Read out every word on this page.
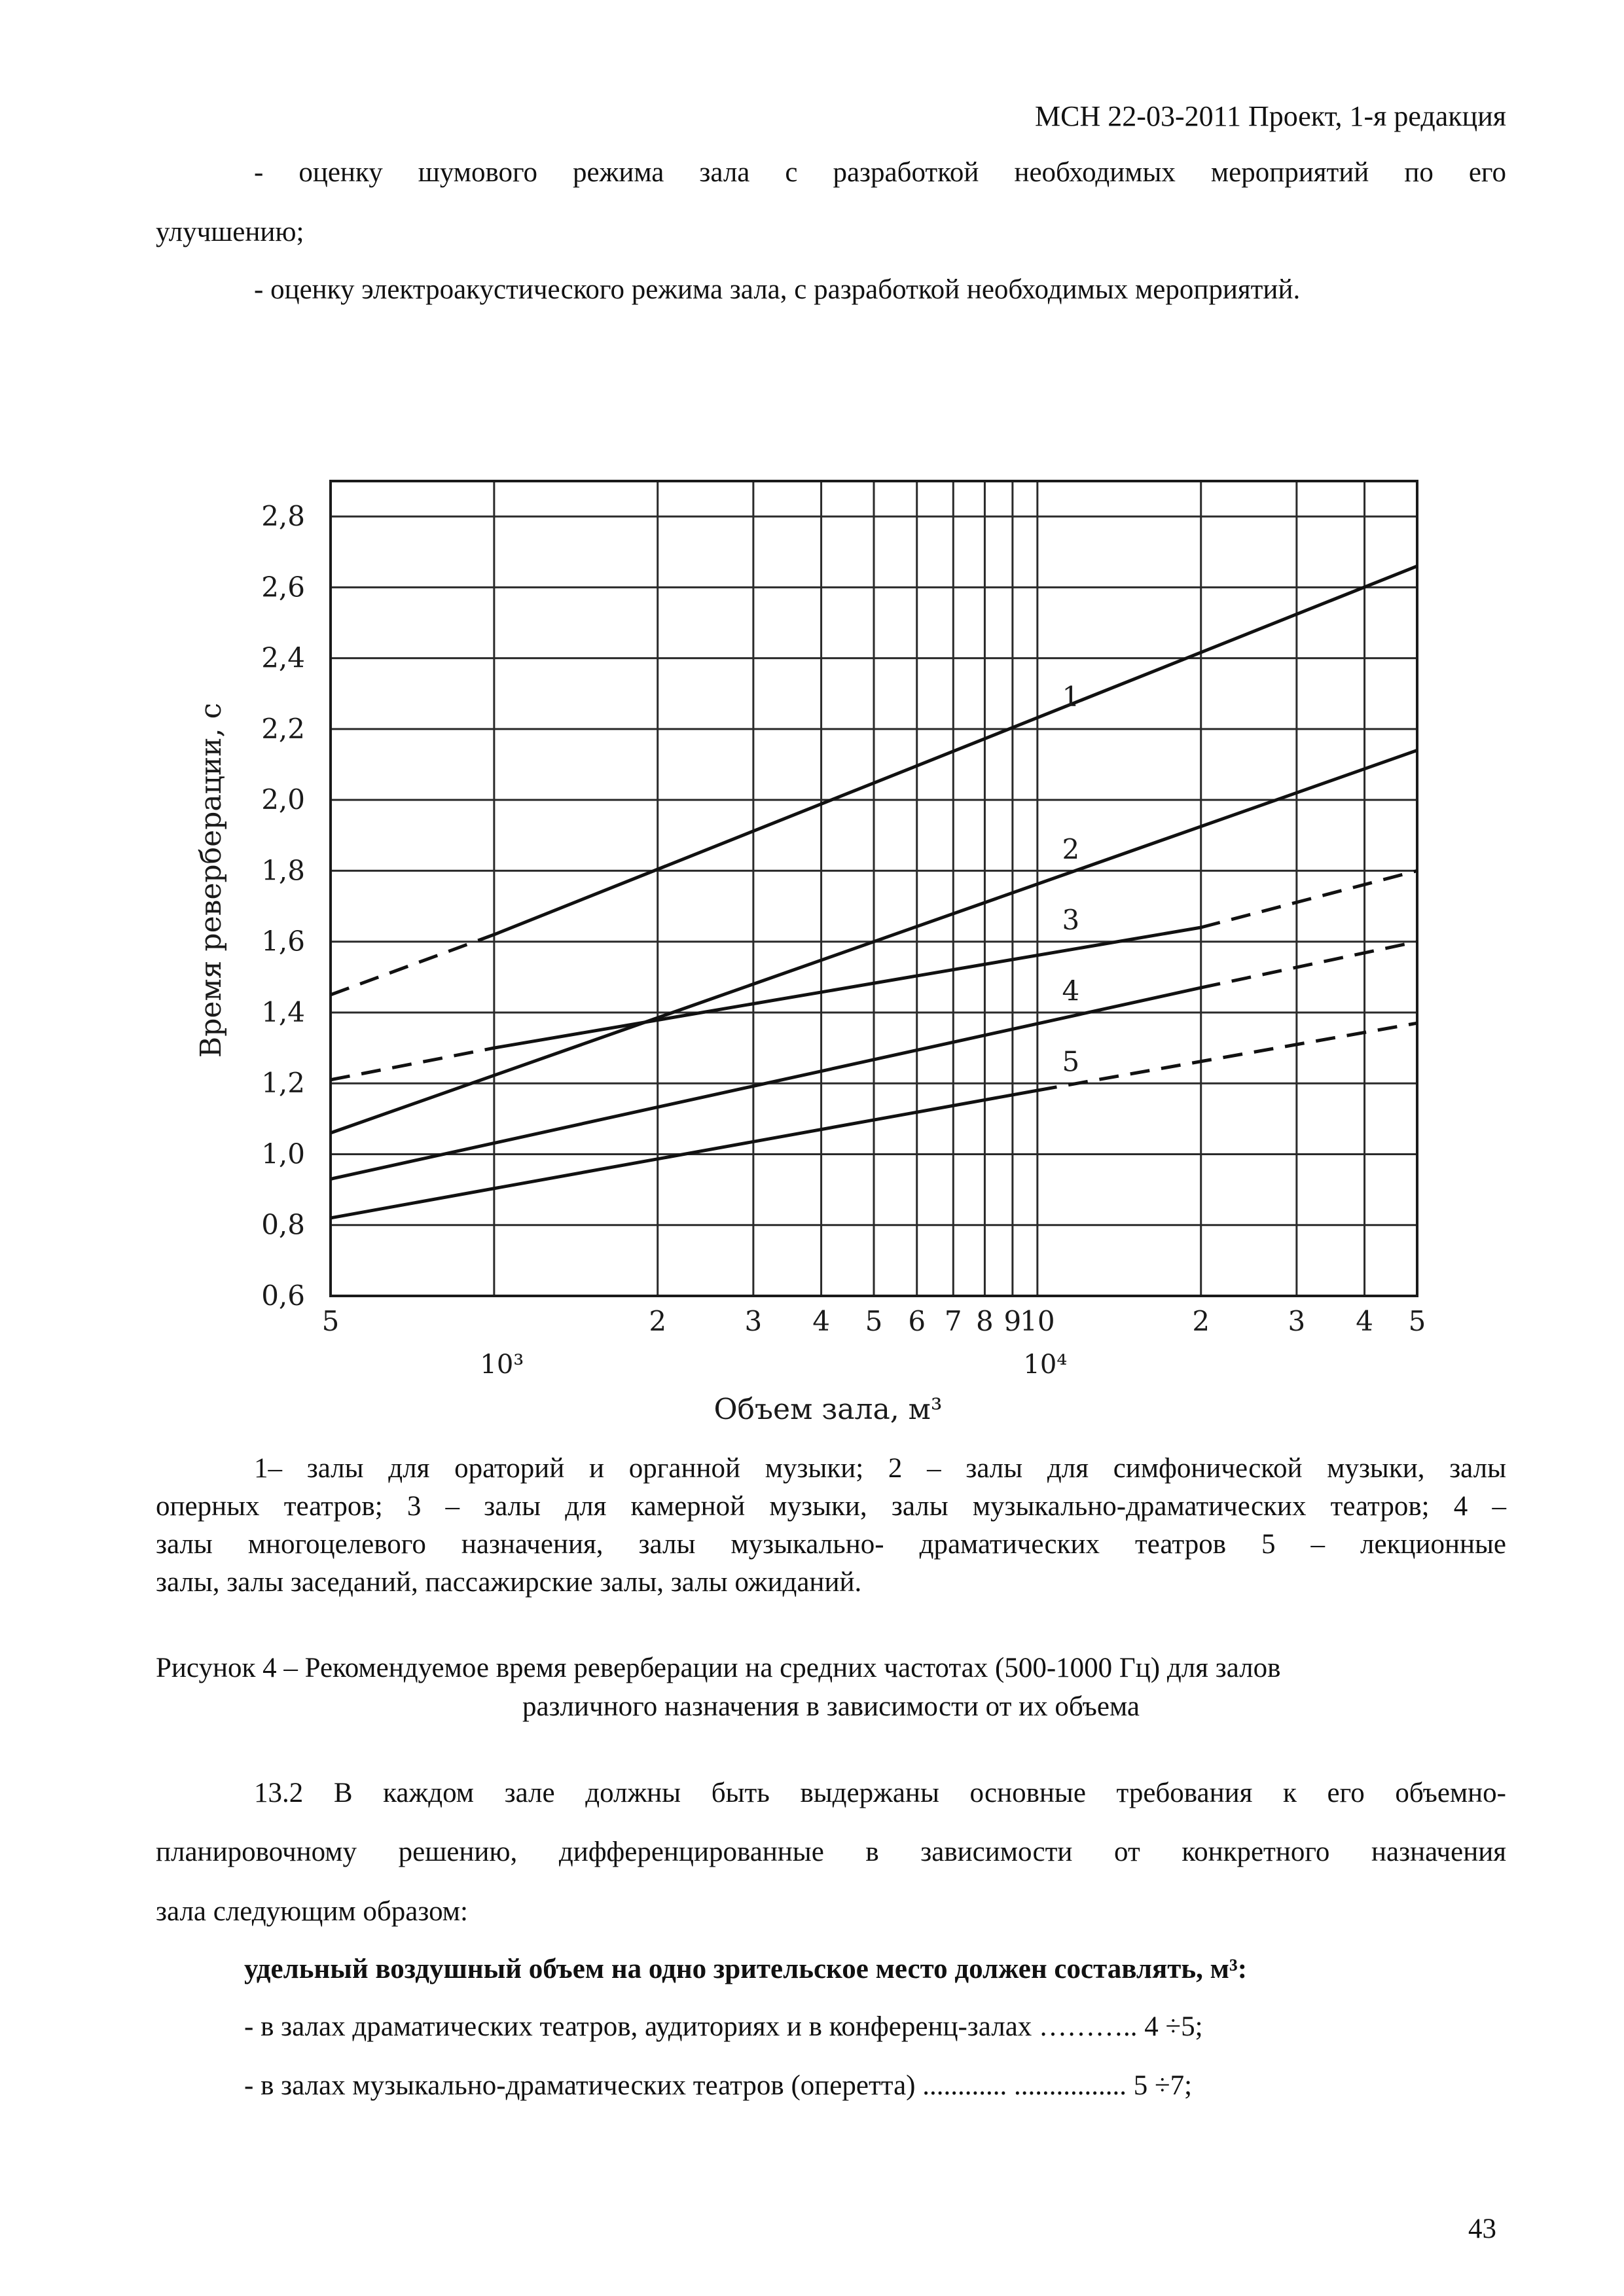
МСН 22-03-2011 Проект, 1-я редакция

- оценку шумового режима зала с разработкой необходимых мероприятий по его

улучшению;

- оценку электроакустического режима зала, с разработкой необходимых мероприятий.

0,6
0,8
1,0
1,2
1,4
1,6
1,8
2,0
2,2
2,4
2,6
2,8
5	2	3 4 5 6 7 8 9
10	2	3 4 5
10³	10⁴
1
2
3
4
5
Время реверберации, с
Объем зала, м³

1– залы для ораторий и органной музыки; 2 – залы для симфонической музыки, залы

оперных театров; 3 – залы для камерной музыки, залы музыкально-драматических театров; 4 –

залы многоцелевого назначения, залы музыкально- драматических театров 5 – лекционные

залы, залы заседаний, пассажирские залы, залы ожиданий.

Рисунок 4 – Рекомендуемое время реверберации на средних частотах (500-1000 Гц) для залов

различного назначения в зависимости от их объема

13.2 В каждом зале должны быть выдержаны основные требования к его объемно-

планировочному решению, дифференцированные в зависимости от конкретного назначения

зала следующим образом:

удельный воздушный объем на одно зрительское место должен составлять, м³:

- в залах драматических театров, аудиториях и в конференц-залах ……….. 4 ÷5;

- в залах музыкально-драматических театров (оперетта) ............ ................ 5 ÷7;

43
